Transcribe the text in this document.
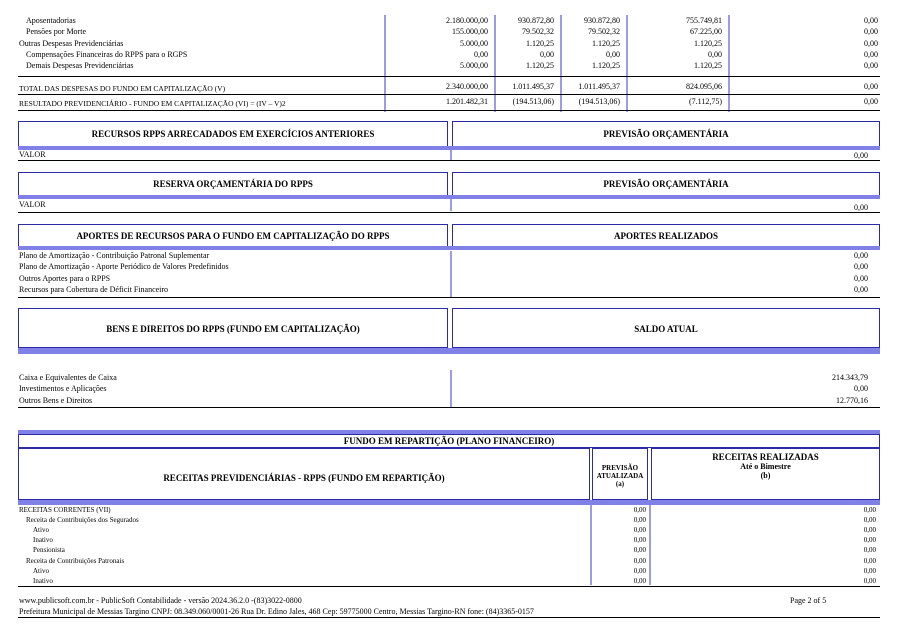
Aposentadorias	2.180.000,00	930.872,80	930.872,80	755.749,81	0,00
Pensões por Morte	155.000,00	79.502,32	79.502,32	67.225,00	0,00
Outras Despesas Previdenciárias	5.000,00	1.120,25	1.120,25	1.120,25	0,00
Compensações Financeiras do RPPS para o RGPS	0,00	0,00	0,00	0,00	0,00
Demais Despesas Previdenciárias	5.000,00	1.120,25	1.120,25	1.120,25	0,00
TOTAL DAS DESPESAS DO FUNDO EM CAPITALIZAÇÃO (V)	2.340.000,00	1.011.495,37	1.011.495,37	824.095,06	0,00
RESULTADO PREVIDENCIÁRIO - FUNDO EM CAPITALIZAÇÃO (VI) = (IV – V)2	1.201.482,31	(194.513,06)	(194.513,06)	(7.112,75)	0,00
RECURSOS RPPS ARRECADADOS EM EXERCÍCIOS ANTERIORES	PREVISÃO ORÇAMENTÁRIA
VALOR	0,00
RESERVA ORÇAMENTÁRIA DO RPPS	PREVISÃO ORÇAMENTÁRIA
VALOR	0,00
APORTES DE RECURSOS PARA O FUNDO EM CAPITALIZAÇÃO DO RPPS	APORTES REALIZADOS
Plano de Amortização - Contribuição Patronal Suplementar	0,00
Plano de Amortização - Aporte Periódico de Valores Predefinidos	0,00
Outros Aportes para o RPPS	0,00
Recursos para Cobertura de Déficit Financeiro	0,00
BENS E DIREITOS DO RPPS (FUNDO EM CAPITALIZAÇÃO)	SALDO ATUAL
Caixa e Equivalentes de Caixa	214.343,79
Investimentos e Aplicações	0,00
Outros Bens e Direitos	12.770,16
FUNDO EM REPARTIÇÃO (PLANO FINANCEIRO)
RECEITAS PREVIDENCIÁRIAS - RPPS (FUNDO EM REPARTIÇÃO)
PREVISÃO
ATUALIZADA
(a)
RECEITAS REALIZADAS
Até o Bimestre
(b)
RECEITAS CORRENTES (VII)	0,00	0,00
Receita de Contribuições dos Segurados	0,00	0,00
Ativo	0,00	0,00
Inativo	0,00	0,00
Pensionista	0,00	0,00
Receita de Contribuições Patronais	0,00	0,00
Ativo	0,00	0,00
Inativo	0,00	0,00
www.publicsoft.com.br - PublicSoft Contabilidade - versão 2024.36.2.0 -(83)3022-0800	Page 2 of 5
Prefeitura Municipal de Messias Targino CNPJ: 08.349.060/0001-26 Rua Dr. Edino Jales, 468 Cep: 59775000 Centro, Messias Targino-RN fone: (84)3365-0157
